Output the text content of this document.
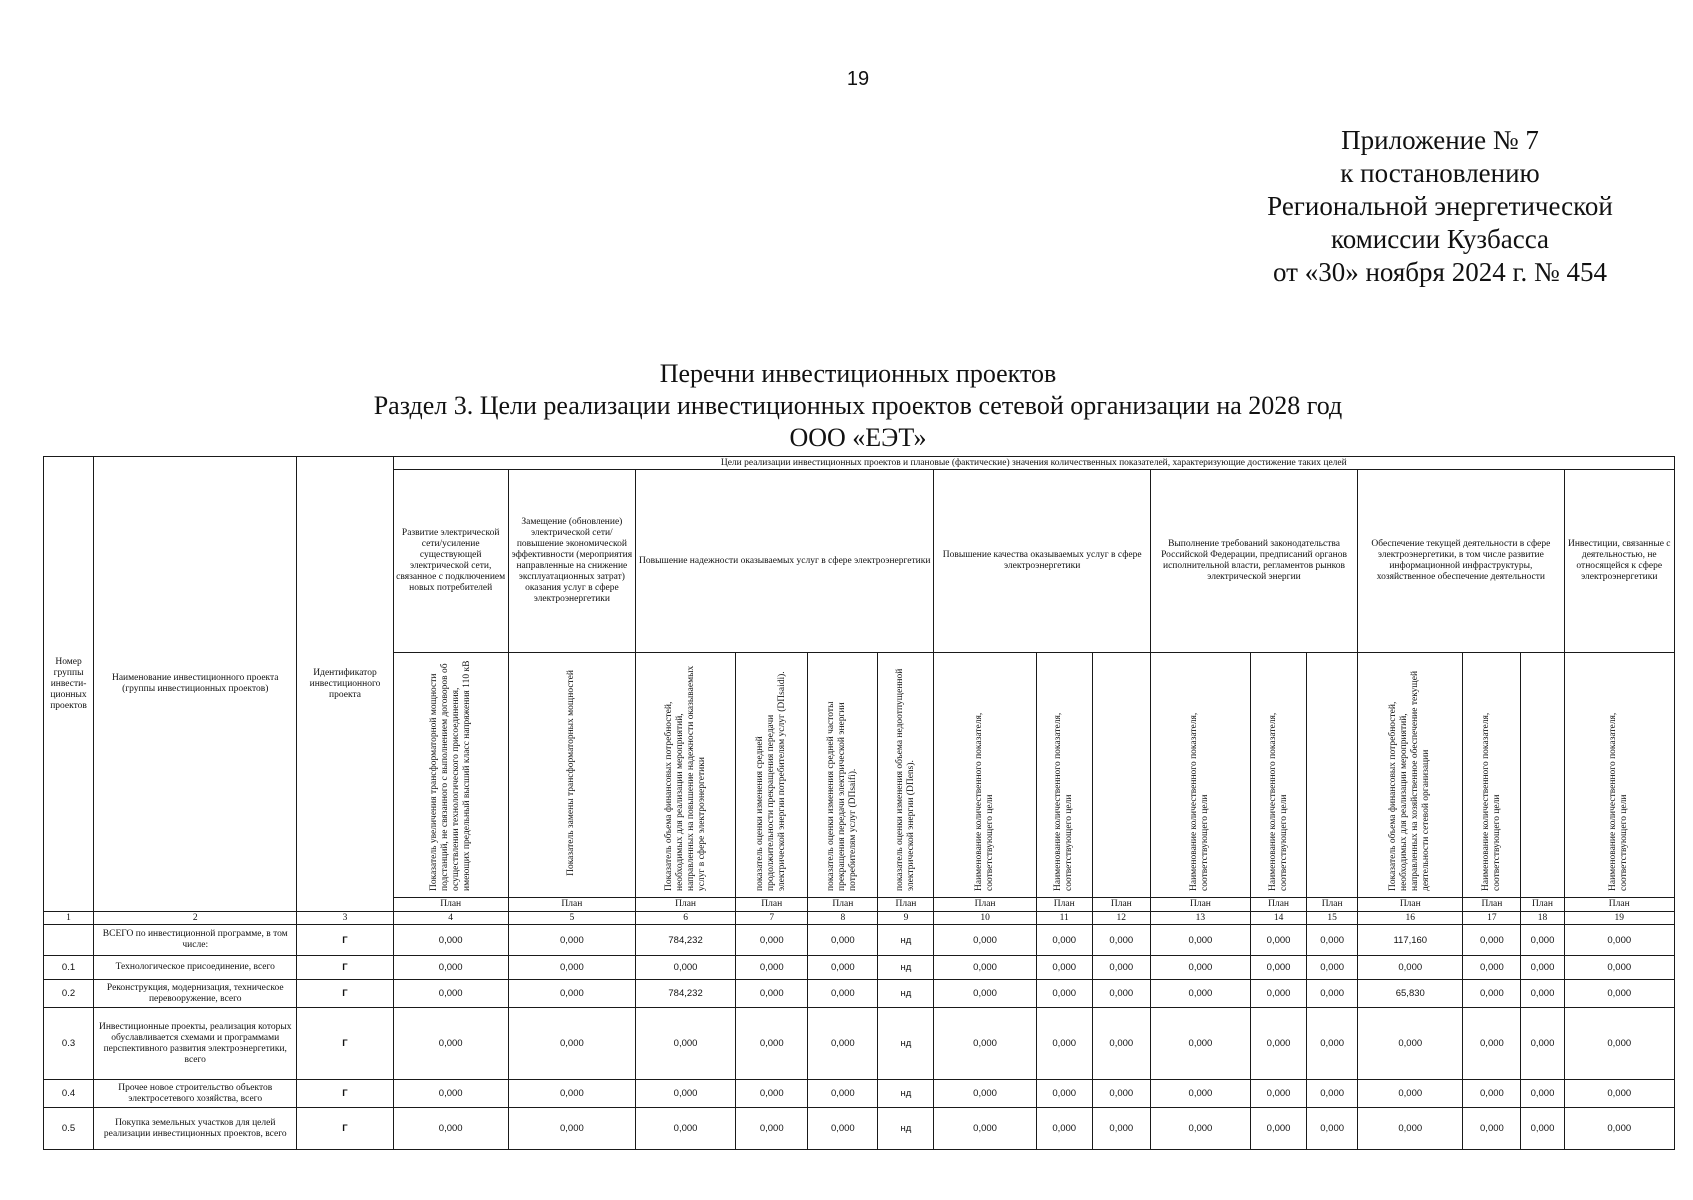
19
Приложение № 7
к постановлению
Региональной энергетической
комиссии Кузбасса
от «30» ноября 2024 г. № 454
Перечни инвестиционных проектов
Раздел 3. Цели реализации инвестиционных проектов сетевой организации на 2028 год
ООО «ЕЭТ»
Номер группы инвести-ционных проектов	Наименование инвестиционного проекта (группы инвестиционных проектов)	Идентификатор инвестиционного проекта	Цели реализации инвестиционных проектов и плановые (фактические) значения количественных показателей, характеризующие достижение таких целей															
			Развитие электрической сети/усиление существующей электрической сети, связанное с подключением новых потребителей	Замещение (обновление) электрической сети/повышение экономической эффективности (мероприятия направленные на снижение эксплуатационных затрат) оказания услуг в сфере электроэнергетики	Повышение надежности оказываемых услуг в сфере электроэнергетики				Повышение качества оказываемых услуг в сфере электроэнергетики			Выполнение требований законодательства Российской Федерации, предписаний органов исполнительной власти, регламентов рынков электрической энергии			Обеспечение текущей деятельности в сфере электроэнергетики, в том числе развитие информационной инфраструктуры, хозяйственное обеспечение деятельности			Инвестиции, связанные с деятельностью, не относящейся к сфере электроэнергетики
			Показатель увеличения трансформаторной мощности подстанций, не связанного с выполнением договоров об осуществлении технологического присоединения, имеющих предельный высший класс напряжения 110 кВ	Показатель замены трансформаторных мощностей	Показатель объема финансовых потребностей, необходимых для реализации мероприятий, направленных на повышение надежности оказываемых услуг в сфере электроэнергетики	показатель оценки изменения средней продолжительности прекращения передачи электрической энергии потребителям услуг (DПsaidi).	показатель оценки изменения средней частоты прекращения передачи электрической энергии потребителям услуг (DПsaifi).	показатель оценки изменения объема недоотпущенной электрической энергии (DПens).	Наименование количественного показателя, соответствующего цели	Наименование количественного показателя, соответствующего цели		Наименование количественного показателя, соответствующего цели	Наименование количественного показателя, соответствующего цели		Показатель объема финансовых потребностей, необходимых для реализации мероприятий, направленных на хозяйственное обеспечение текущей деятельности сетевой организации	Наименование количественного показателя, соответствующего цели		Наименование количественного показателя, соответствующего цели
			План	План	План	План	План	План	План	План	План	План	План	План	План	План	План	План
1	2	3	4	5	6	7	8	9	10	11	12	13	14	15	16	17	18	19
	ВСЕГО по инвестиционной программе, в том числе:	Г	0,000	0,000	784,232	0,000	0,000	нд	0,000	0,000	0,000	0,000	0,000	0,000	117,160	0,000	0,000	0,000
0.1	Технологическое присоединение, всего	Г	0,000	0,000	0,000	0,000	0,000	нд	0,000	0,000	0,000	0,000	0,000	0,000	0,000	0,000	0,000	0,000
0.2	Реконструкция, модернизация, техническое перевооружение, всего	Г	0,000	0,000	784,232	0,000	0,000	нд	0,000	0,000	0,000	0,000	0,000	0,000	65,830	0,000	0,000	0,000
0.3	Инвестиционные проекты, реализация которых обуславливается схемами и программами перспективного развития электроэнергетики, всего	Г	0,000	0,000	0,000	0,000	0,000	нд	0,000	0,000	0,000	0,000	0,000	0,000	0,000	0,000	0,000	0,000
0.4	Прочее новое строительство объектов электросетевого хозяйства, всего	Г	0,000	0,000	0,000	0,000	0,000	нд	0,000	0,000	0,000	0,000	0,000	0,000	0,000	0,000	0,000	0,000
0.5	Покупка земельных участков для целей реализации инвестиционных проектов, всего	Г	0,000	0,000	0,000	0,000	0,000	нд	0,000	0,000	0,000	0,000	0,000	0,000	0,000	0,000	0,000	0,000
